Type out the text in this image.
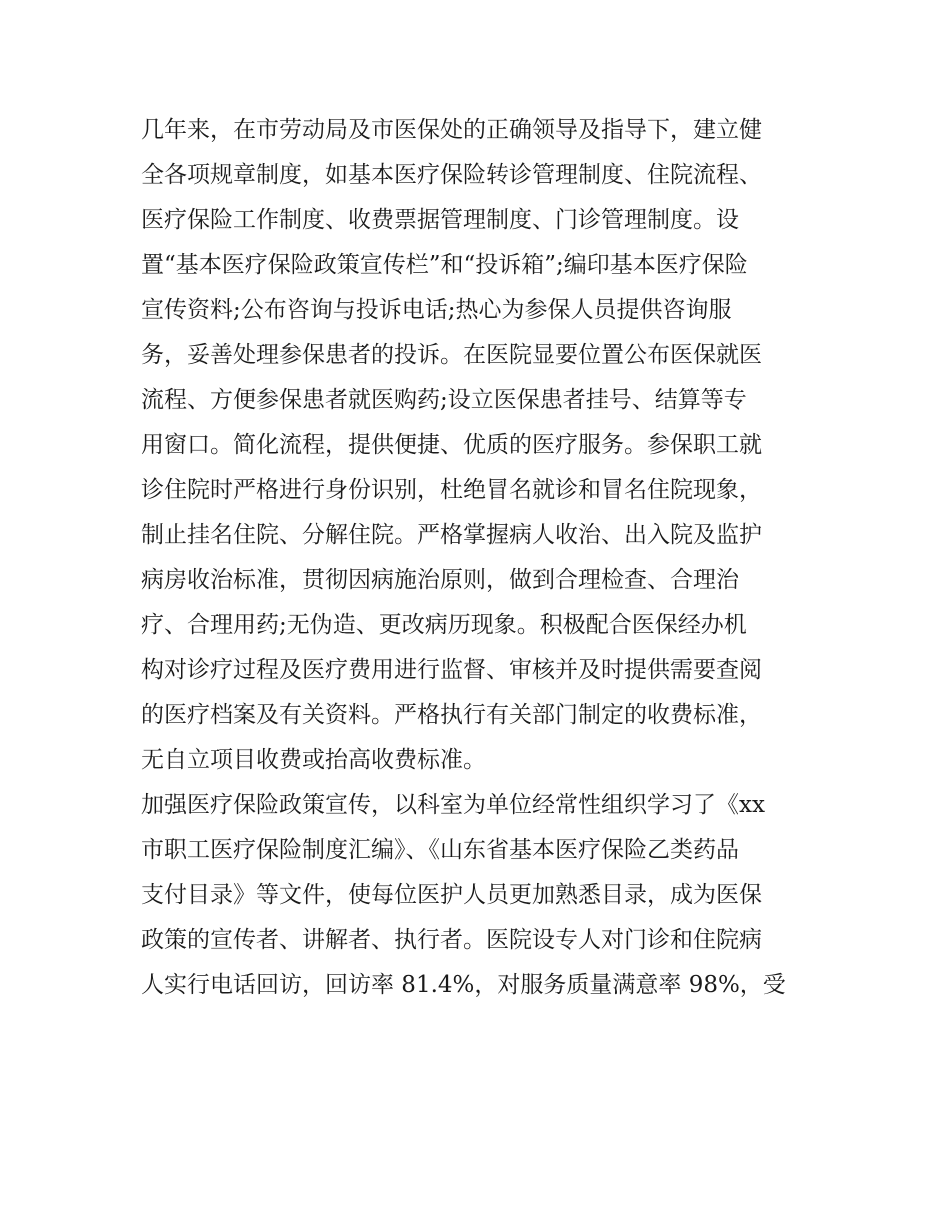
几年来，在市劳动局及市医保处的正确领导及指导下，建立健

全各项规章制度，如基本医疗保险转诊管理制度、住院流程、

医疗保险工作制度、收费票据管理制度、门诊管理制度。设

置“基本医疗保险政策宣传栏”和“投诉箱”;编印基本医疗保险

宣传资料;公布咨询与投诉电话;热心为参保人员提供咨询服

务，妥善处理参保患者的投诉。在医院显要位置公布医保就医

流程、方便参保患者就医购药;设立医保患者挂号、结算等专

用窗口。简化流程，提供便捷、优质的医疗服务。参保职工就

诊住院时严格进行身份识别，杜绝冒名就诊和冒名住院现象，

制止挂名住院、分解住院。严格掌握病人收治、出入院及监护

病房收治标准，贯彻因病施治原则，做到合理检查、合理治

疗、合理用药;无伪造、更改病历现象。积极配合医保经办机

构对诊疗过程及医疗费用进行监督、审核并及时提供需要查阅

的医疗档案及有关资料。严格执行有关部门制定的收费标准，

无自立项目收费或抬高收费标准。

加强医疗保险政策宣传，以科室为单位经常性组织学习了《xx

市职工医疗保险制度汇编》、《山东省基本医疗保险乙类药品

支付目录》等文件，使每位医护人员更加熟悉目录，成为医保

政策的宣传者、讲解者、执行者。医院设专人对门诊和住院病

人实行电话回访，回访率 81.4%，对服务质量满意率 98%，受
